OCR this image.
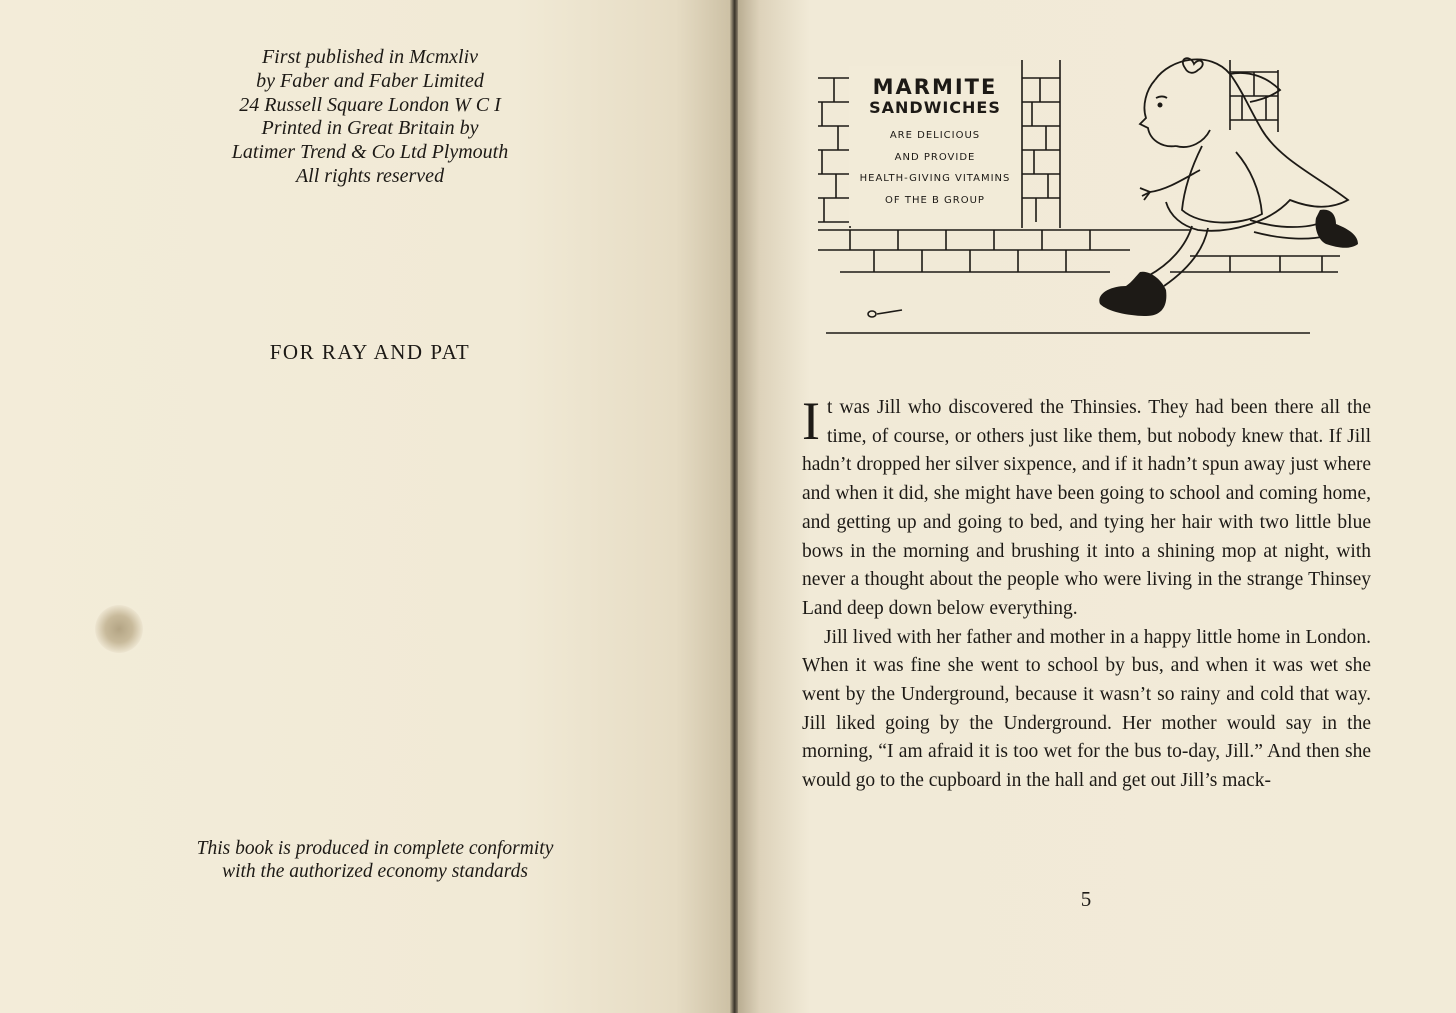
First published in Mcmxliv
by Faber and Faber Limited
24 Russell Square London W C I
Printed in Great Britain by
Latimer Trend & Co Ltd Plymouth
All rights reserved
FOR RAY AND PAT
This book is produced in complete conformity
with the authorized economy standards
MARMITE
SANDWICHES
ARE DELICIOUS
AND PROVIDE
HEALTH-GIVING VITAMINS
OF THE B GROUP

It was Jill who discovered the Thinsies. They had been there all the time, of course, or others just like them, but nobody knew that. If Jill hadn’t dropped her silver sixpence, and if it hadn’t spun away just where and when it did, she might have been going to school and coming home, and getting up and going to bed, and tying her hair with two little blue bows in the morning and brushing it into a shining mop at night, with never a thought about the people who were living in the strange Thinsey Land deep down below everything.

Jill lived with her father and mother in a happy little home in London. When it was fine she went to school by bus, and when it was wet she went by the Underground, because it wasn’t so rainy and cold that way. Jill liked going by the Underground. Her mother would say in the morning, “I am afraid it is too wet for the bus to-day, Jill.” And then she would go to the cupboard in the hall and get out Jill’s mack-

5
